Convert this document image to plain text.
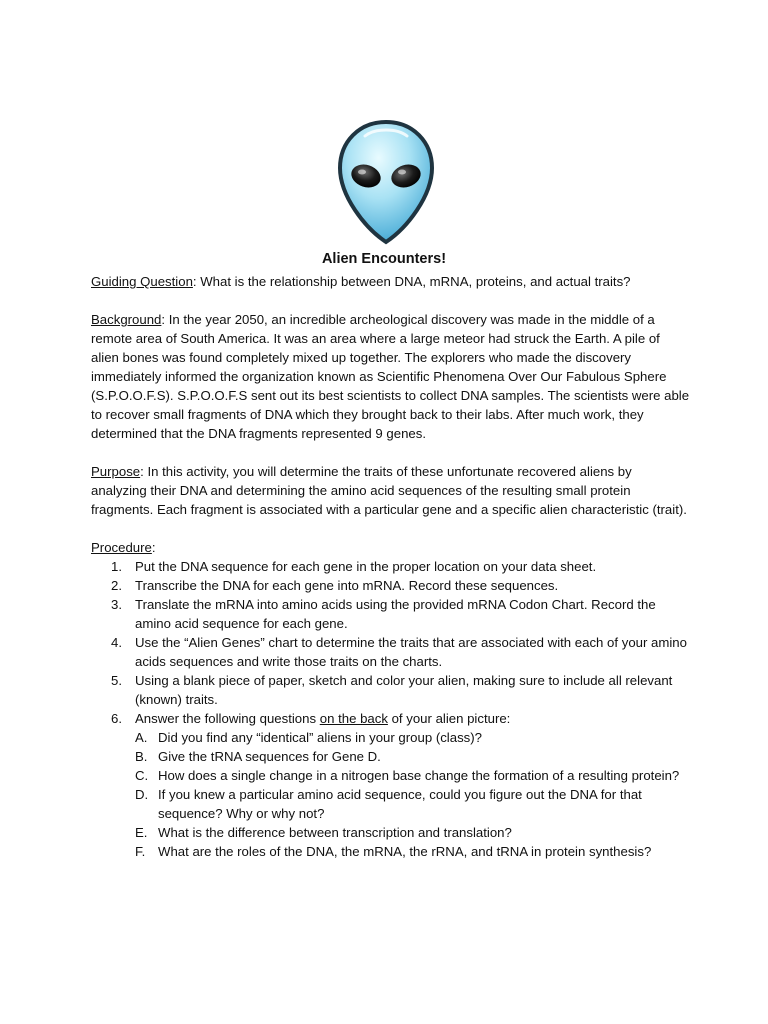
Alien Encounters!

Guiding Question: What is the relationship between DNA, mRNA, proteins, and actual traits?

Background: In the year 2050, an incredible archeological discovery was made in the middle of a remote area of South America. It was an area where a large meteor had struck the Earth. A pile of alien bones was found completely mixed up together. The explorers who made the discovery immediately informed the organization known as Scientific Phenomena Over Our Fabulous Sphere (S.P.O.O.F.S). S.P.O.O.F.S sent out its best scientists to collect DNA samples. The scientists were able to recover small fragments of DNA which they brought back to their labs. After much work, they determined that the DNA fragments represented 9 genes.

Purpose: In this activity, you will determine the traits of these unfortunate recovered aliens by analyzing their DNA and determining the amino acid sequences of the resulting small protein fragments. Each fragment is associated with a particular gene and a specific alien characteristic (trait).

Procedure:

1. Put the DNA sequence for each gene in the proper location on your data sheet.
2. Transcribe the DNA for each gene into mRNA. Record these sequences.
3. Translate the mRNA into amino acids using the provided mRNA Codon Chart. Record the amino acid sequence for each gene.
4. Use the “Alien Genes” chart to determine the traits that are associated with each of your amino acids sequences and write those traits on the charts.
5. Using a blank piece of paper, sketch and color your alien, making sure to include all relevant (known) traits.
6. Answer the following questions on the back of your alien picture:
A. Did you find any “identical” aliens in your group (class)?
B. Give the tRNA sequences for Gene D.
C. How does a single change in a nitrogen base change the formation of a resulting protein?
D. If you knew a particular amino acid sequence, could you figure out the DNA for that sequence? Why or why not?
E. What is the difference between transcription and translation?
F. What are the roles of the DNA, the mRNA, the rRNA, and tRNA in protein synthesis?
